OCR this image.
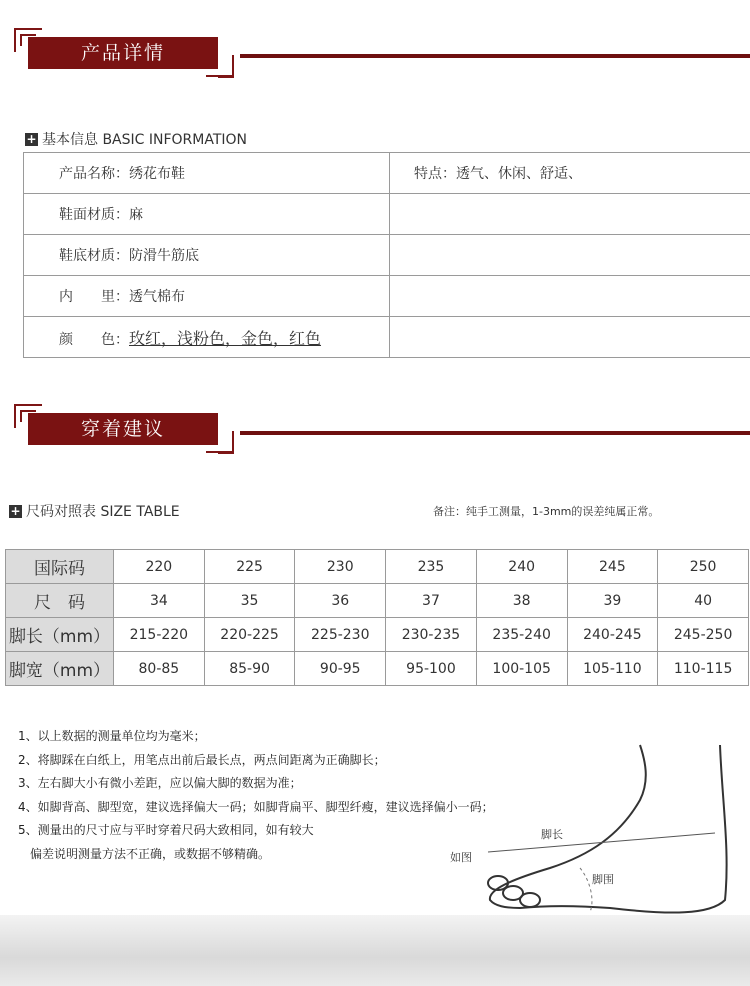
产品详情
+ 基本信息 BASIC INFORMATION
产品名称：绣花布鞋	特点：透气、休闲、舒适、
鞋面材质：麻	
鞋底材质：防滑牛筋底	
内　　里：透气棉布	
颜　　色：玫红，浅粉色，金色，红色	
穿着建议
+ 尺码对照表 SIZE TABLE	备注：纯手工测量，1-3mm的误差纯属正常。
国际码	220	225	230	235	240	245	250
尺　码	34	35	36	37	38	39	40
脚长（mm）	215-220	220-225	225-230	230-235	235-240	240-245	245-250
脚宽（mm）	80-85	85-90	90-95	95-100	100-105	105-110	110-115
1、以上数据的测量单位均为毫米；
2、将脚踩在白纸上，用笔点出前后最长点，两点间距离为正确脚长；
3、左右脚大小有微小差距，应以偏大脚的数据为准；
4、如脚背高、脚型宽，建议选择偏大一码；如脚背扁平、脚型纤瘦，建议选择偏小一码；
5、测量出的尺寸应与平时穿着尺码大致相同，如有较大
　偏差说明测量方法不正确，或数据不够精确。
脚长
脚围
如图
